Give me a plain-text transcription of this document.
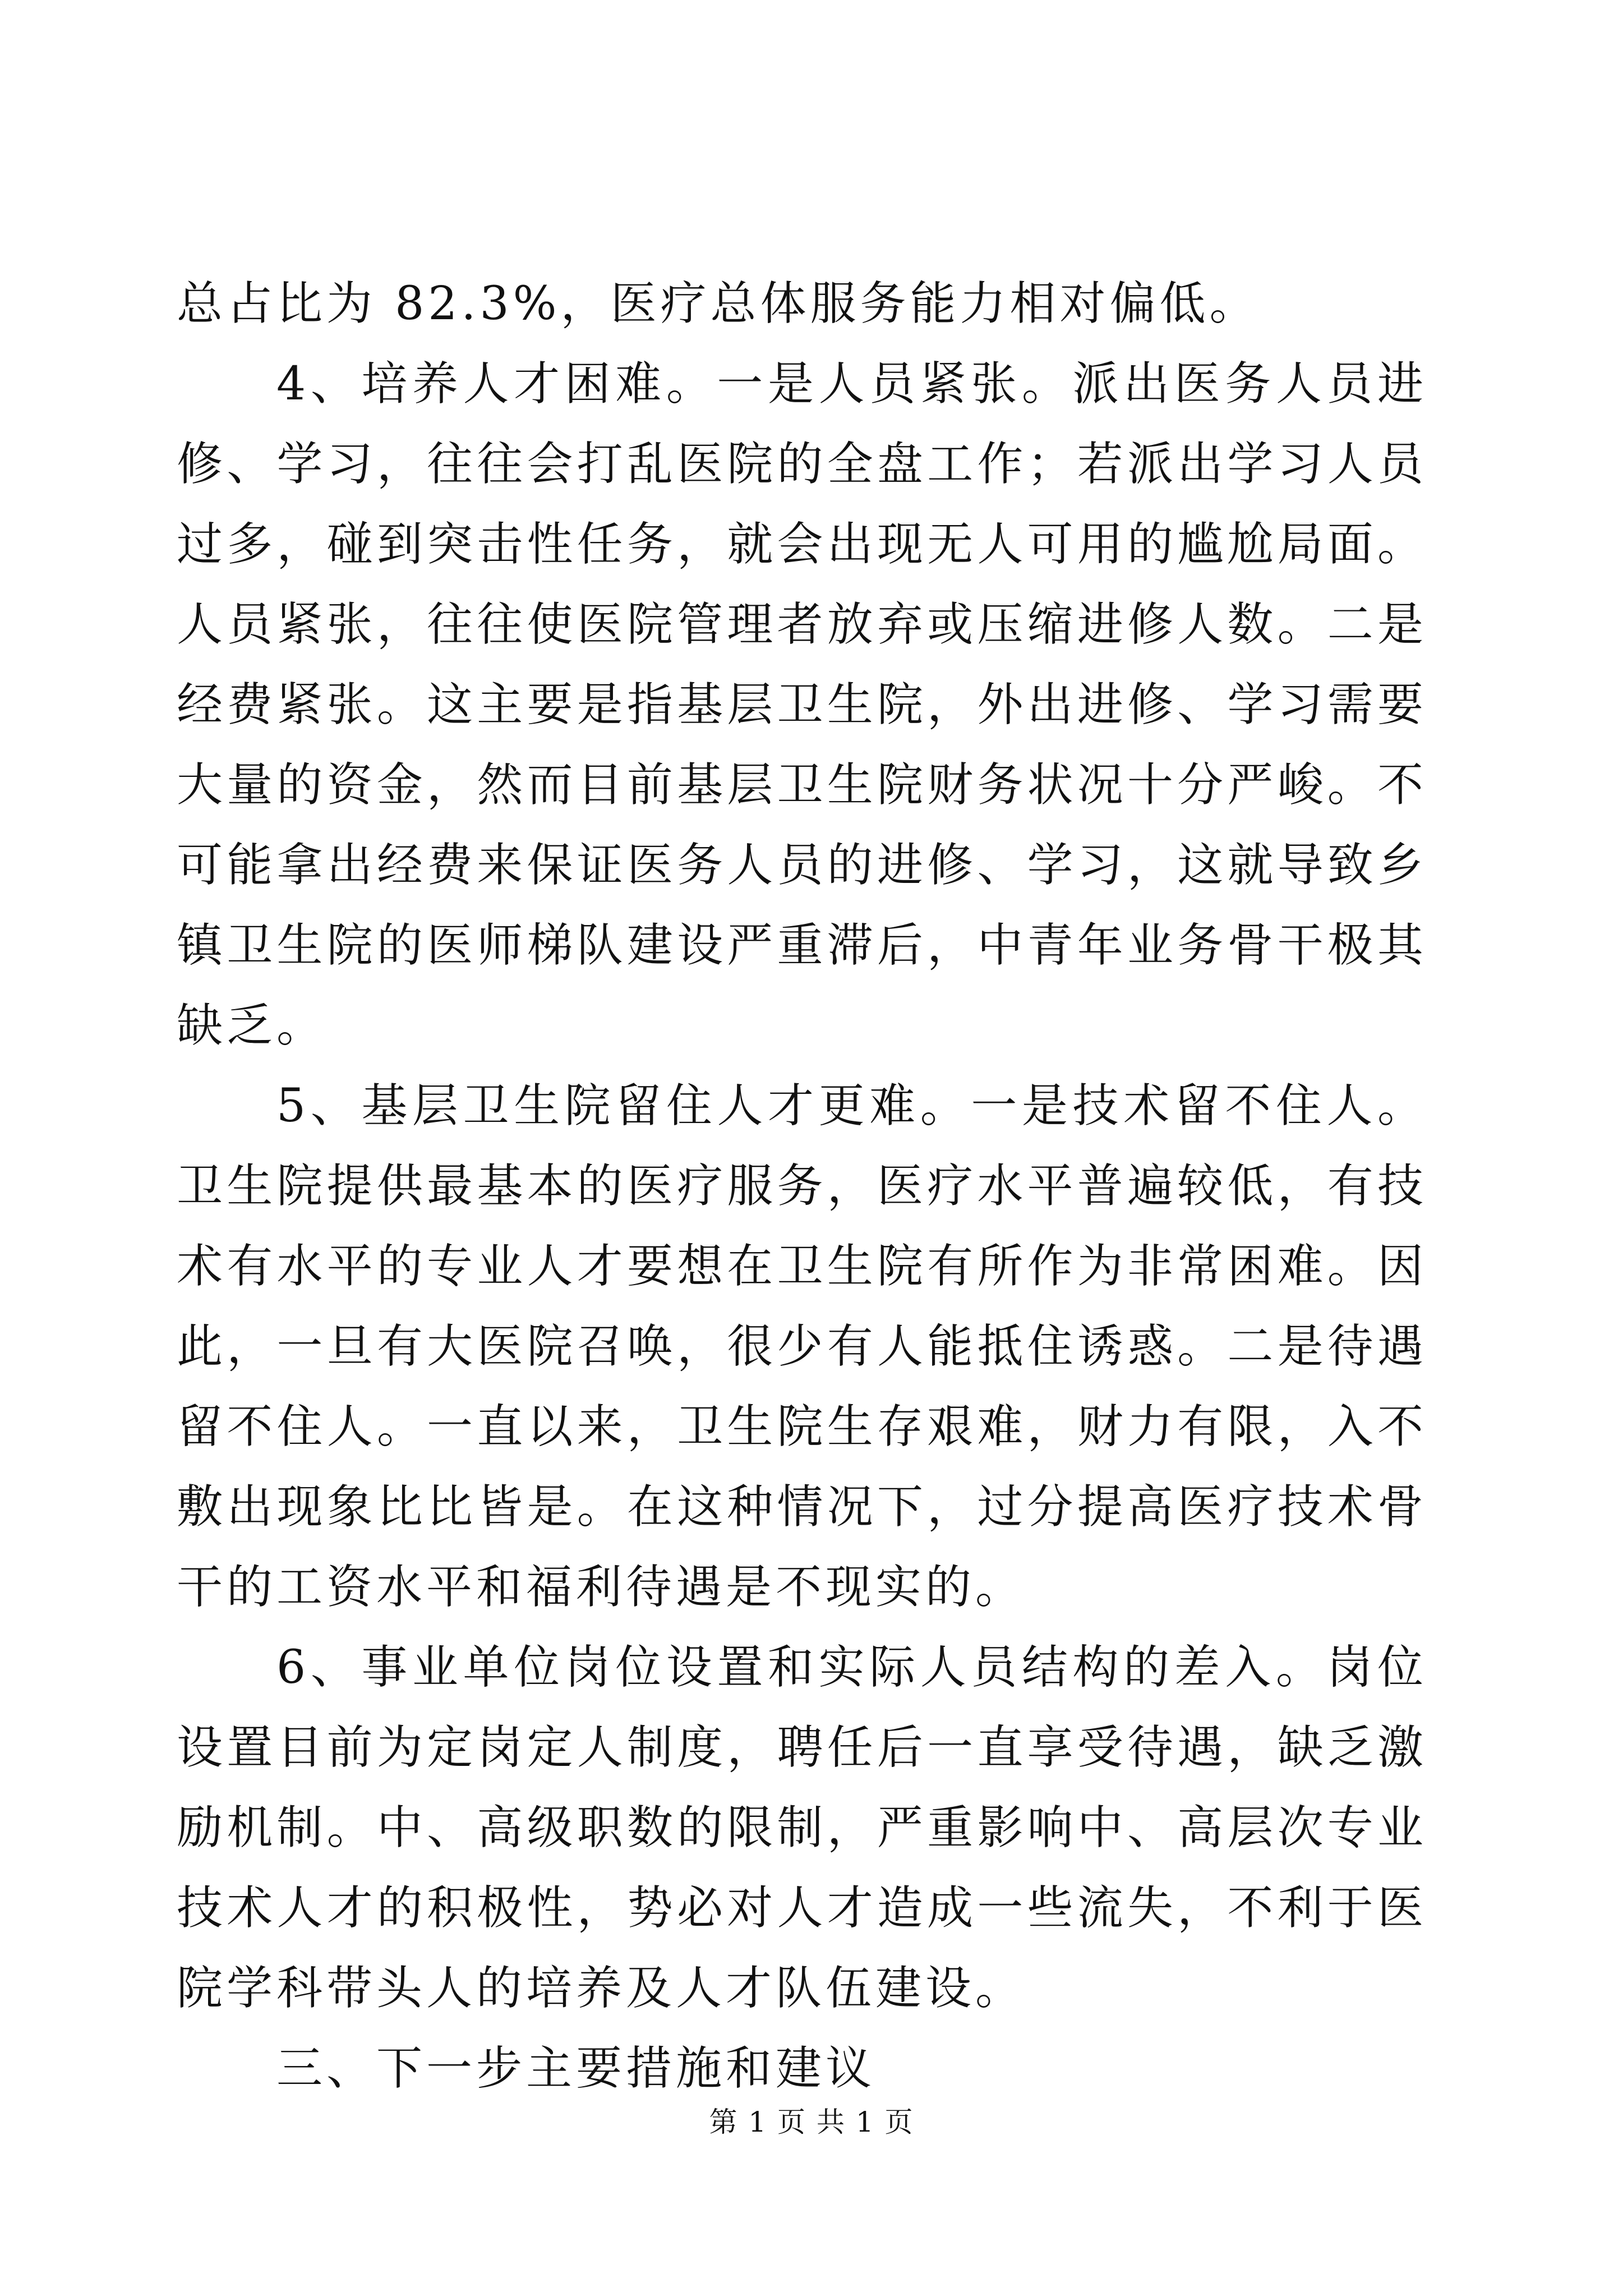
总占比为 82.3%，医疗总体服务能力相对偏低。

4、培养人才困难。一是人员紧张。派出医务人员进修、学习，往往会打乱医院的全盘工作；若派出学习人员过多，碰到突击性任务，就会出现无人可用的尴尬局面。人员紧张，往往使医院管理者放弃或压缩进修人数。二是经费紧张。这主要是指基层卫生院，外出进修、学习需要大量的资金，然而目前基层卫生院财务状况十分严峻。不可能拿出经费来保证医务人员的进修、学习，这就导致乡镇卫生院的医师梯队建设严重滞后，中青年业务骨干极其缺乏。

5、基层卫生院留住人才更难。一是技术留不住人。卫生院提供最基本的医疗服务，医疗水平普遍较低，有技术有水平的专业人才要想在卫生院有所作为非常困难。因此，一旦有大医院召唤，很少有人能抵住诱惑。二是待遇留不住人。一直以来，卫生院生存艰难，财力有限，入不敷出现象比比皆是。在这种情况下，过分提高医疗技术骨干的工资水平和福利待遇是不现实的。

6、事业单位岗位设置和实际人员结构的差入。岗位设置目前为定岗定人制度，聘任后一直享受待遇，缺乏激励机制。中、高级职数的限制，严重影响中、高层次专业技术人才的积极性，势必对人才造成一些流失，不利于医院学科带头人的培养及人才队伍建设。

三、下一步主要措施和建议

第 1 页 共 1 页
